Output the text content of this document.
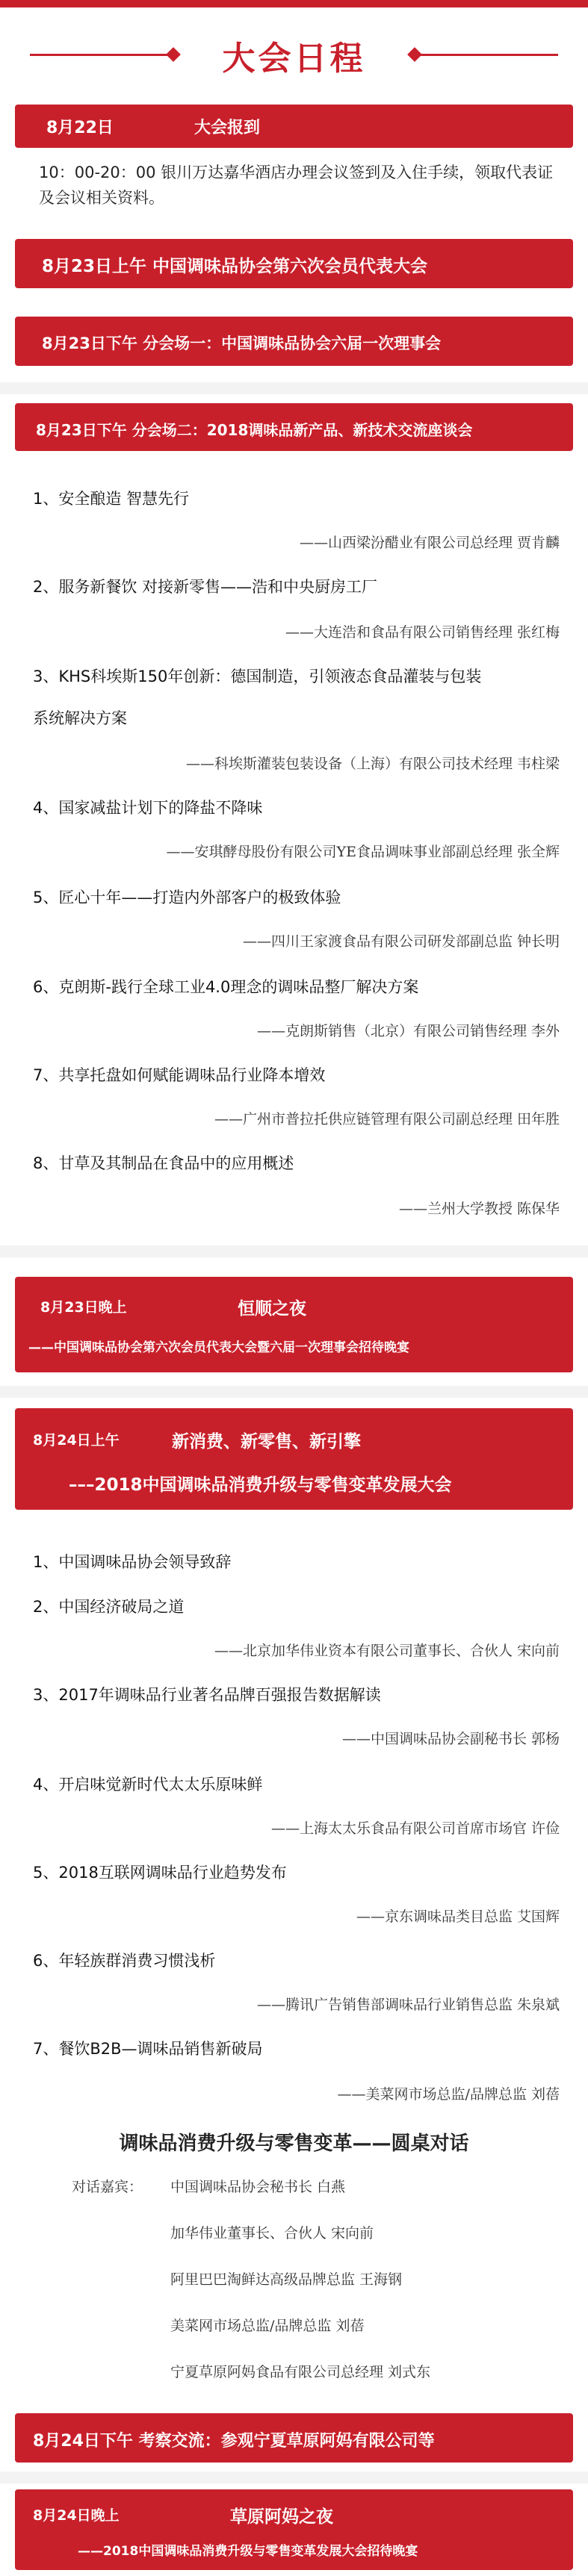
大会日程
8月22日	大会报到
10：00-20：00 银川万达嘉华酒店办理会议签到及入住手续，领取代表证及会议相关资料。
8月23日上午 中国调味品协会第六次会员代表大会
8月23日下午 分会场一：中国调味品协会六届一次理事会
8月23日下午 分会场二：2018调味品新产品、新技术交流座谈会
1、安全酿造 智慧先行
——山西梁汾醋业有限公司总经理 贾肯麟
2、服务新餐饮 对接新零售——浩和中央厨房工厂
——大连浩和食品有限公司销售经理 张红梅
3、KHS科埃斯150年创新：德国制造，引领液态食品灌装与包装
系统解决方案
——科埃斯灌装包装设备（上海）有限公司技术经理 韦柱梁
4、国家减盐计划下的降盐不降味
——安琪酵母股份有限公司YE食品调味事业部副总经理 张全辉
5、匠心十年——打造内外部客户的极致体验
——四川王家渡食品有限公司研发部副总监 钟长明
6、克朗斯-践行全球工业4.0理念的调味品整厂解决方案
——克朗斯销售（北京）有限公司销售经理 李外
7、共享托盘如何赋能调味品行业降本增效
——广州市普拉托供应链管理有限公司副总经理 田年胜
8、甘草及其制品在食品中的应用概述
——兰州大学教授 陈保华
8月23日晚上	恒顺之夜
——中国调味品协会第六次会员代表大会暨六届一次理事会招待晚宴
8月24日上午	新消费、新零售、新引擎
–––2018中国调味品消费升级与零售变革发展大会
1、中国调味品协会领导致辞
2、中国经济破局之道
——北京加华伟业资本有限公司董事长、合伙人 宋向前
3、2017年调味品行业著名品牌百强报告数据解读
——中国调味品协会副秘书长 郭杨
4、开启味觉新时代太太乐原味鲜
——上海太太乐食品有限公司首席市场官 许俭
5、2018互联网调味品行业趋势发布
——京东调味品类目总监 艾国辉
6、年轻族群消费习惯浅析
——腾讯广告销售部调味品行业销售总监 朱泉斌
7、餐饮B2B—调味品销售新破局
——美菜网市场总监/品牌总监 刘蓓
调味品消费升级与零售变革——圆桌对话
对话嘉宾： 中国调味品协会秘书长 白燕
加华伟业董事长、合伙人 宋向前
阿里巴巴淘鲜达高级品牌总监 王海钢
美菜网市场总监/品牌总监 刘蓓
宁夏草原阿妈食品有限公司总经理 刘式东
8月24日下午 考察交流：参观宁夏草原阿妈有限公司等
8月24日晚上	草原阿妈之夜
——2018中国调味品消费升级与零售变革发展大会招待晚宴
